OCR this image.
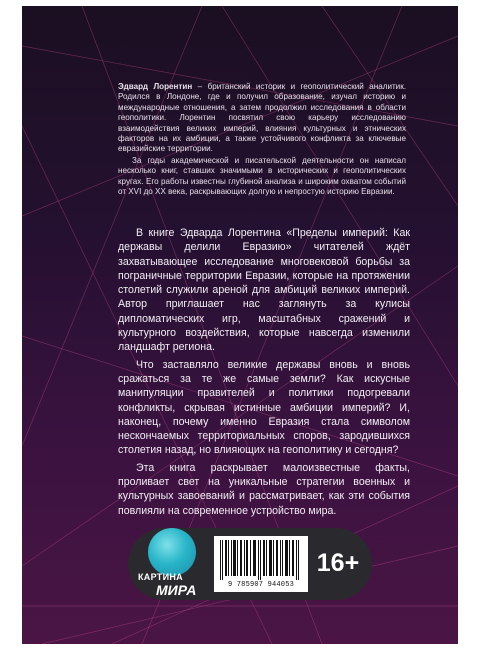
Эдвард Лорентин – британский историк и геополитический аналитик. Родился в Лондоне, где и получил образование, изучал историю и международные отношения, а затем продолжил исследования в области геополитики. Лорентин посвятил свою карьеру исследованию взаимодействия великих империй, влияния культурных и этнических факторов на их амбиции, а также устойчивого конфликта за ключевые евразийские территории.

За годы академической и писательской деятельности он написал несколько книг, ставших значимыми в исторических и геополитических кругах. Его работы известны глубиной анализа и широким охватом событий от XVI до XX века, раскрывающих долгую и непростую историю Евразии.

В книге Эдварда Лорентина «Пределы империй: Как державы делили Евразию» читателей ждёт захватывающее исследование многовековой борьбы за пограничные территории Евразии, которые на протяжении столетий служили ареной для амбиций великих империй. Автор приглашает нас заглянуть за кулисы дипломатических игр, масштабных сражений и культурного воздействия, которые навсегда изменили ландшафт региона.

Что заставляло великие державы вновь и вновь сражаться за те же самые земли? Как искусные манипуляции правителей и политики подогревали конфликты, скрывая истинные амбиции империй? И, наконец, почему именно Евразия стала символом нескончаемых территориальных споров, зародившихся столетия назад, но влияющих на геополитику и сегодня?

Эта книга раскрывает малоизвестные факты, проливает свет на уникальные стратегии военных и культурных завоеваний и рассматривает, как эти события повлияли на современное устройство мира.

КАРТИНА
МИРА	9 785907 944053
16+
